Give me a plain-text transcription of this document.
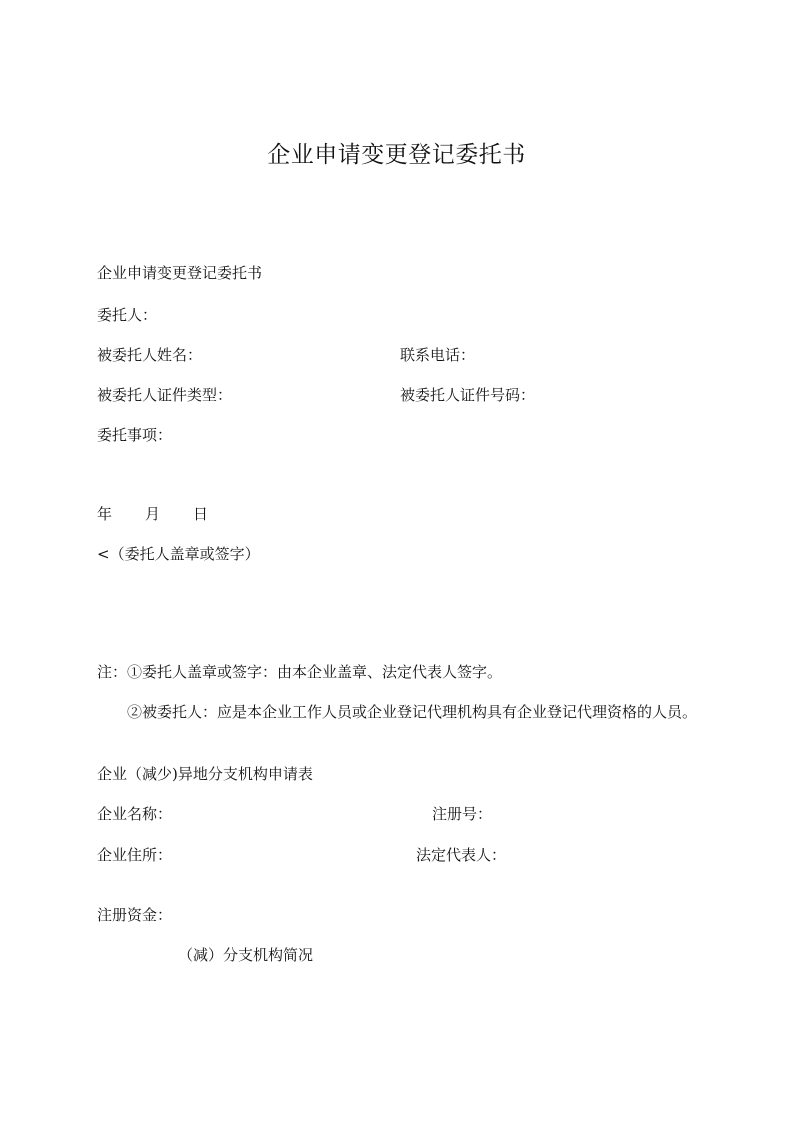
企业申请变更登记委托书
企业申请变更登记委托书
委托人：
被委托人姓名：	联系电话：
被委托人证件类型：	被委托人证件号码：
委托事项：
年 月 日
<（委托人盖章或签字）
注：①委托人盖章或签字：由本企业盖章、法定代表人签字。
②被委托人：应是本企业工作人员或企业登记代理机构具有企业登记代理资格的人员。
企业（减少)异地分支机构申请表
企业名称：	注册号：
企业住所：	法定代表人：
注册资金：
（减）分支机构简况
